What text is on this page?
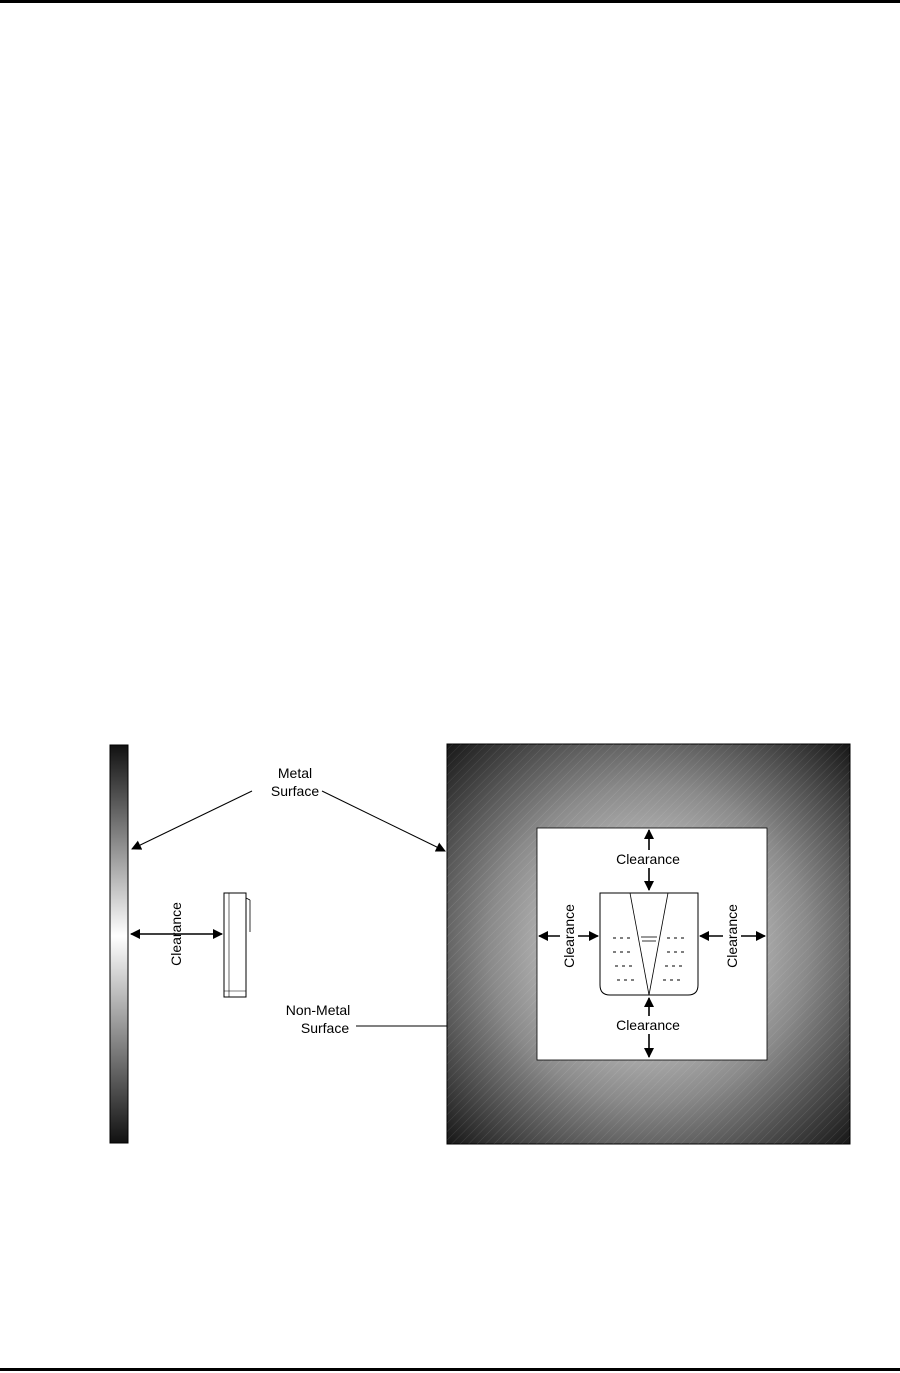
Clearance
Metal
Surface
Non-Metal
Surface
Clearance
Clearance
Clearance	Clearance
